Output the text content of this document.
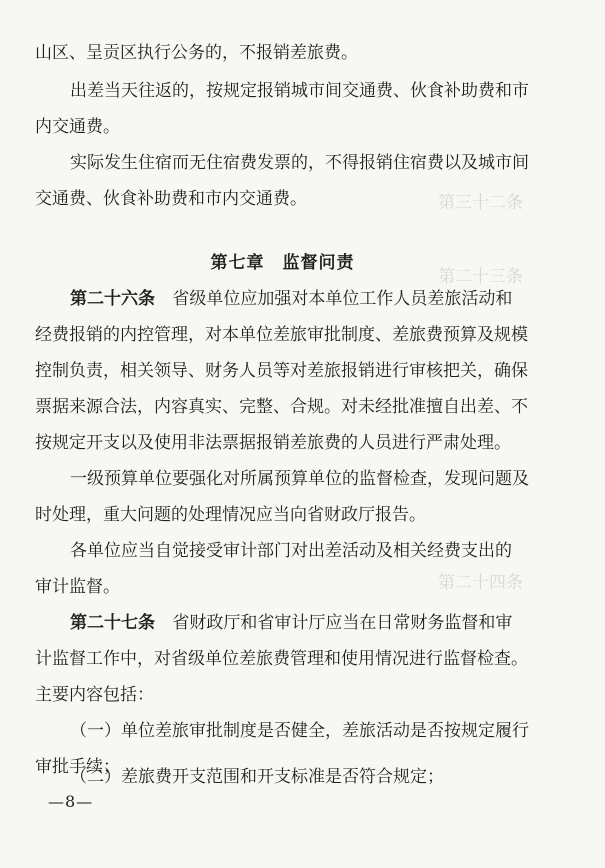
第三十二条
第二十三条
第二十四条
山区、呈贡区执行公务的，不报销差旅费。
出差当天往返的，按规定报销城市间交通费、伙食补助费和市
内交通费。
实际发生住宿而无住宿费发票的，不得报销住宿费以及城市间
交通费、伙食补助费和市内交通费。
第七章　监督问责
第二十六条 省级单位应加强对本单位工作人员差旅活动和
经费报销的内控管理，对本单位差旅审批制度、差旅费预算及规模
控制负责，相关领导、财务人员等对差旅报销进行审核把关，确保
票据来源合法，内容真实、完整、合规。对未经批准擅自出差、不
按规定开支以及使用非法票据报销差旅费的人员进行严肃处理。
一级预算单位要强化对所属预算单位的监督检查，发现问题及
时处理，重大问题的处理情况应当向省财政厅报告。
各单位应当自觉接受审计部门对出差活动及相关经费支出的
审计监督。
第二十七条 省财政厅和省审计厅应当在日常财务监督和审
计监督工作中，对省级单位差旅费管理和使用情况进行监督检查。
主要内容包括：
（一）单位差旅审批制度是否健全，差旅活动是否按规定履行
审批手续；
（二）差旅费开支范围和开支标准是否符合规定；
—8—
